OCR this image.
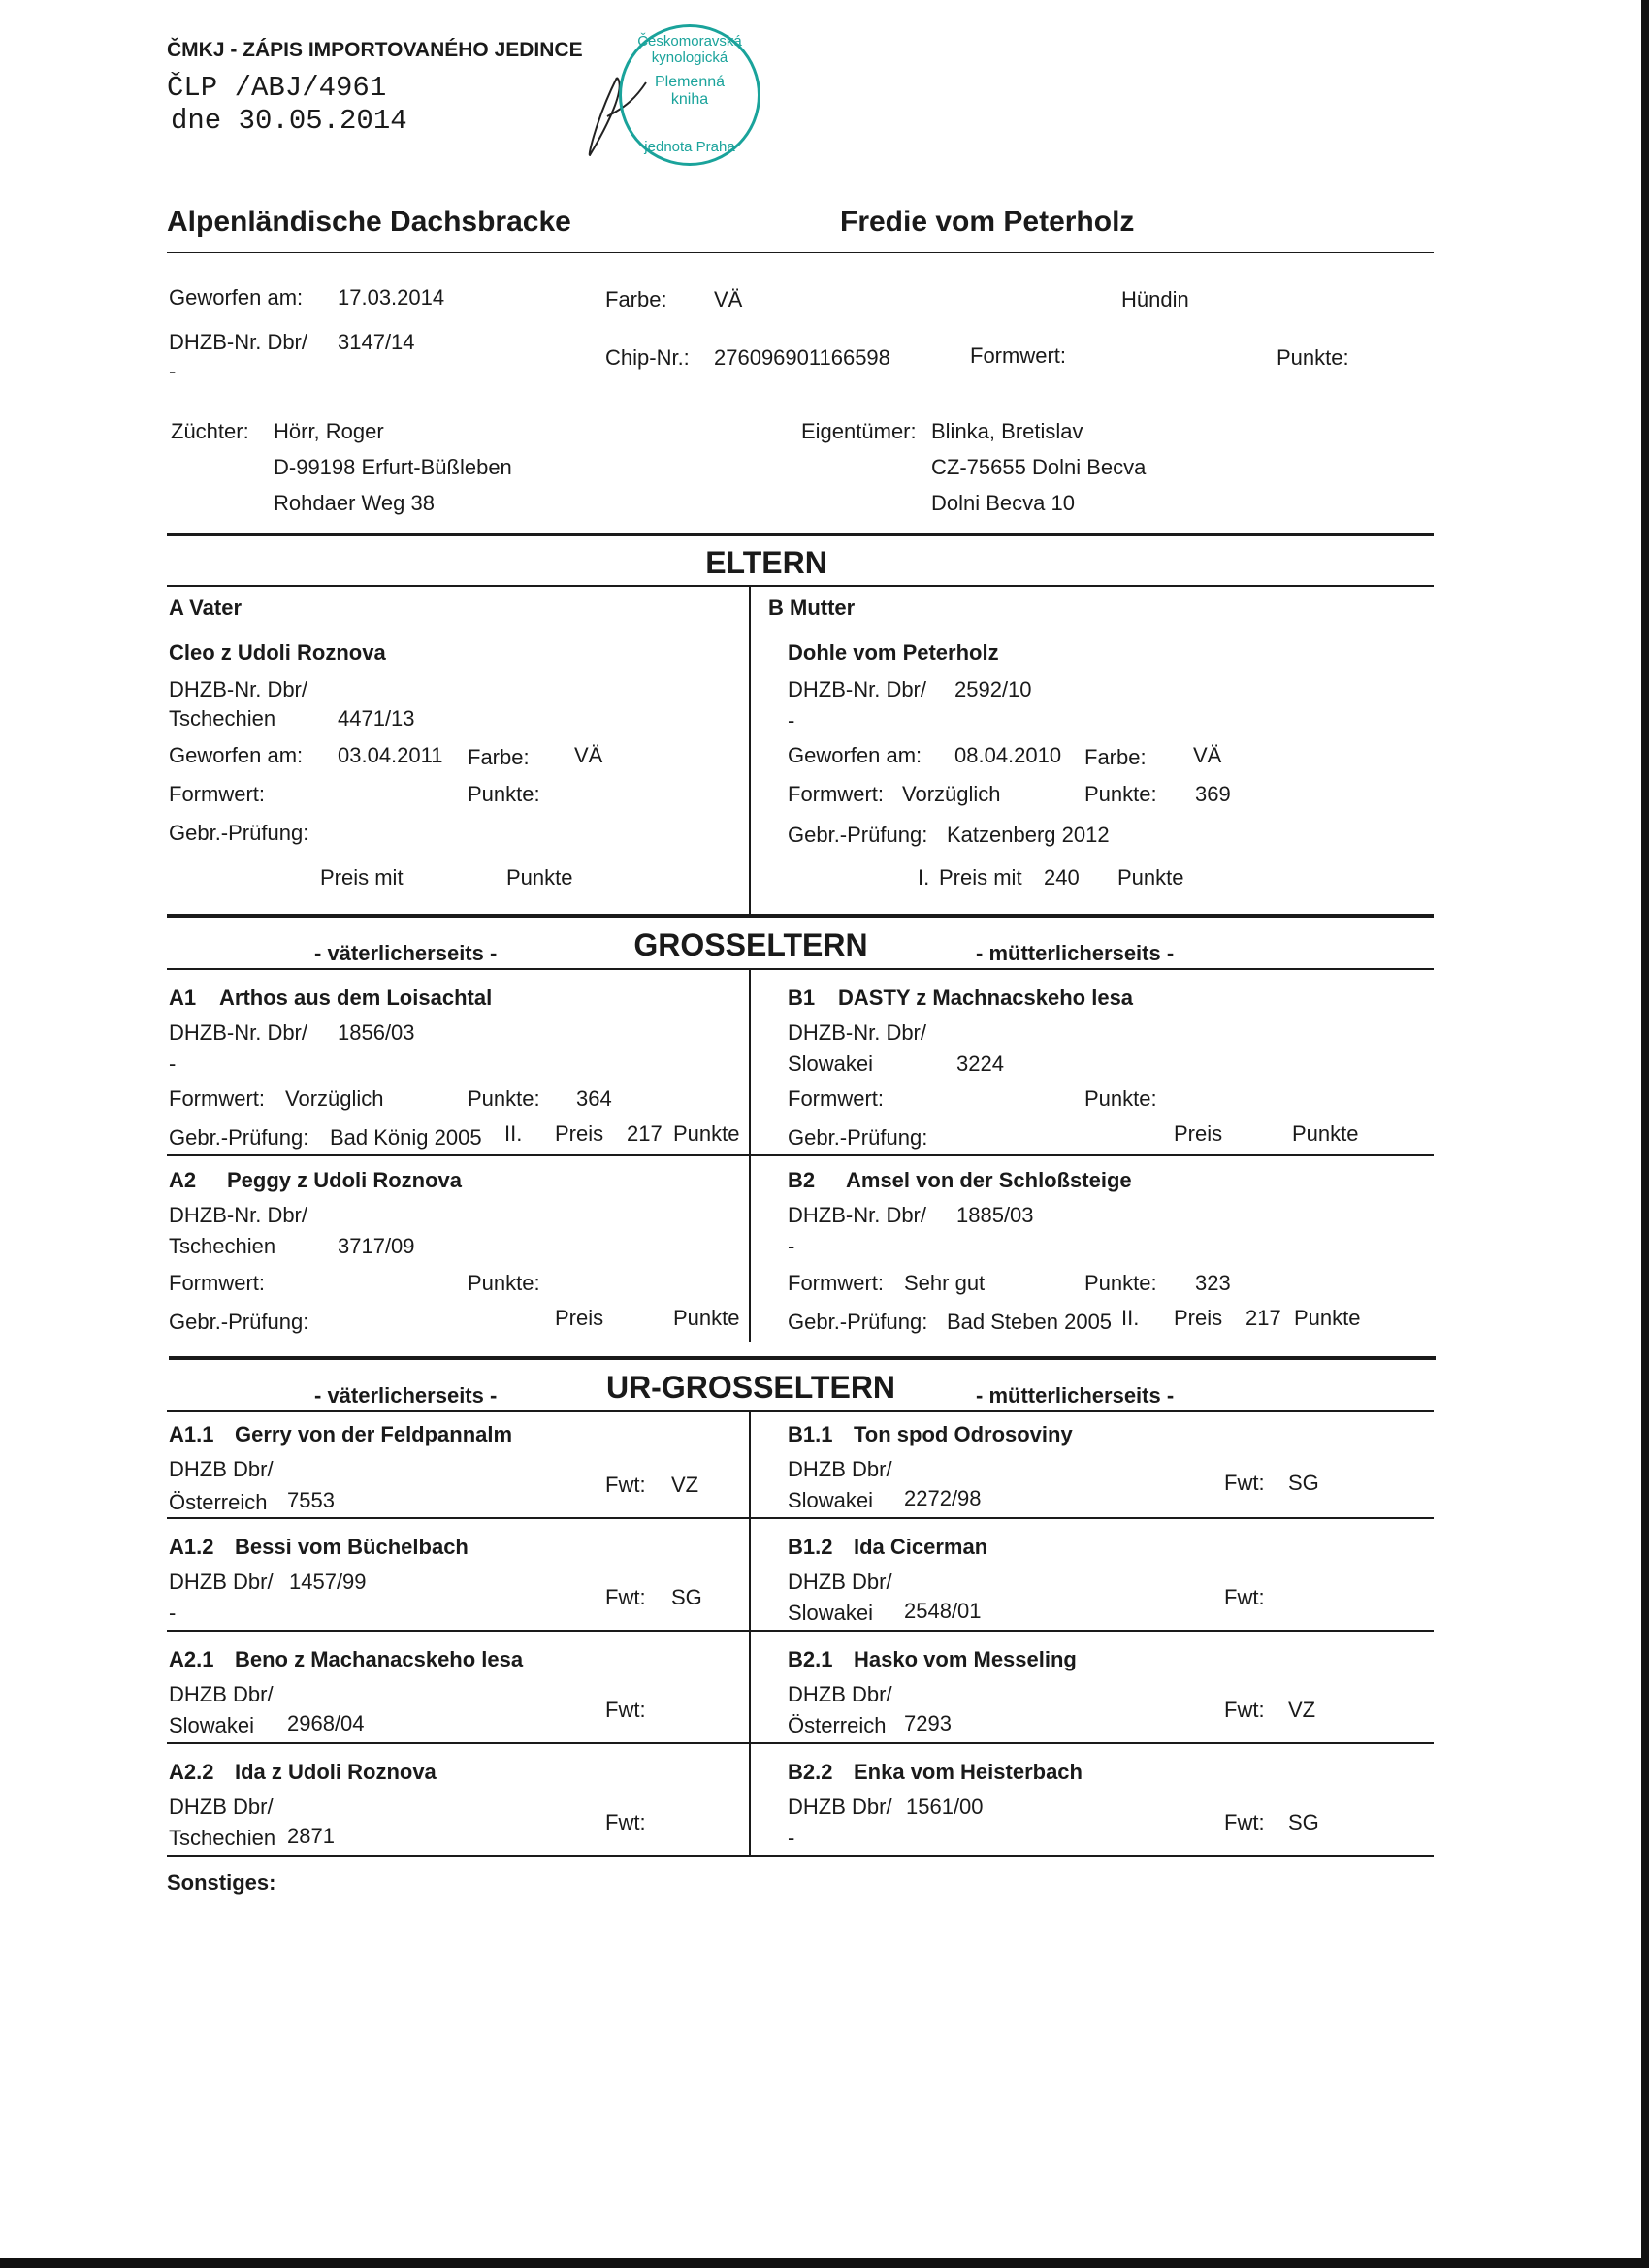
ČMKJ - ZÁPIS IMPORTOVANÉHO JEDINCE
ČLP /ABJ/4961
dne 30.05.2014
Českomoravská kynologická
Plemenná kniha
jednota Praha
Alpenländische Dachsbracke	Fredie vom Peterholz
Geworfen am: 17.03.2014	Farbe: VÄ	Hündin
DHZB-Nr. Dbr/ 3147/14
-
Chip-Nr.: 276096901166598	Formwert:	Punkte:
Züchter: Hörr, Roger
D-99198 Erfurt-Büßleben
Rohdaer Weg 38
Eigentümer: Blinka, Bretislav
CZ-75655 Dolni Becva
Dolni Becva 10
ELTERN
A Vater
Cleo z Udoli Roznova
DHZB-Nr. Dbr/
Tschechien	4471/13
Geworfen am: 03.04.2011 Farbe: VÄ
Formwert:	Punkte:
Gebr.-Prüfung:
Preis mit	Punkte
B Mutter
Dohle vom Peterholz
DHZB-Nr. Dbr/ 2592/10
-
Geworfen am: 08.04.2010 Farbe: VÄ
Formwert: Vorzüglich	Punkte: 369
Gebr.-Prüfung: Katzenberg 2012
I. Preis mit 240 Punkte
- väterlicherseits -	GROSSELTERN	- mütterlicherseits -
A1 Arthos aus dem Loisachtal
DHZB-Nr. Dbr/ 1856/03
-
Formwert: Vorzüglich	Punkte: 364
Gebr.-Prüfung: Bad König 2005 II. Preis 217 Punkte
B1 DASTY z Machnacskeho lesa
DHZB-Nr. Dbr/
Slowakei	3224
Formwert:	Punkte:
Gebr.-Prüfung:	Preis	Punkte
A2 Peggy z Udoli Roznova
DHZB-Nr. Dbr/
Tschechien	3717/09
Formwert:	Punkte:
Gebr.-Prüfung:	Preis	Punkte
B2 Amsel von der Schloßsteige
DHZB-Nr. Dbr/ 1885/03
-
Formwert: Sehr gut	Punkte: 323
Gebr.-Prüfung: Bad Steben 2005 II. Preis 217 Punkte
- väterlicherseits -	UR-GROSSELTERN	- mütterlicherseits -
A1.1 Gerry von der Feldpannalm
DHZB Dbr/
Österreich 7553
Fwt: VZ
B1.1 Ton spod Odrosoviny
DHZB Dbr/
Slowakei 2272/98
Fwt: SG
A1.2 Bessi vom Büchelbach
DHZB Dbr/ 1457/99
-
Fwt: SG
B1.2 Ida Cicerman
DHZB Dbr/
Slowakei 2548/01
Fwt:
A2.1 Beno z Machanacskeho lesa
DHZB Dbr/
Slowakei 2968/04
Fwt:
B2.1 Hasko vom Messeling
DHZB Dbr/
Österreich 7293
Fwt: VZ
A2.2 Ida z Udoli Roznova
DHZB Dbr/
Tschechien 2871
Fwt:
B2.2 Enka vom Heisterbach
DHZB Dbr/ 1561/00
-
Fwt: SG
Sonstiges:
